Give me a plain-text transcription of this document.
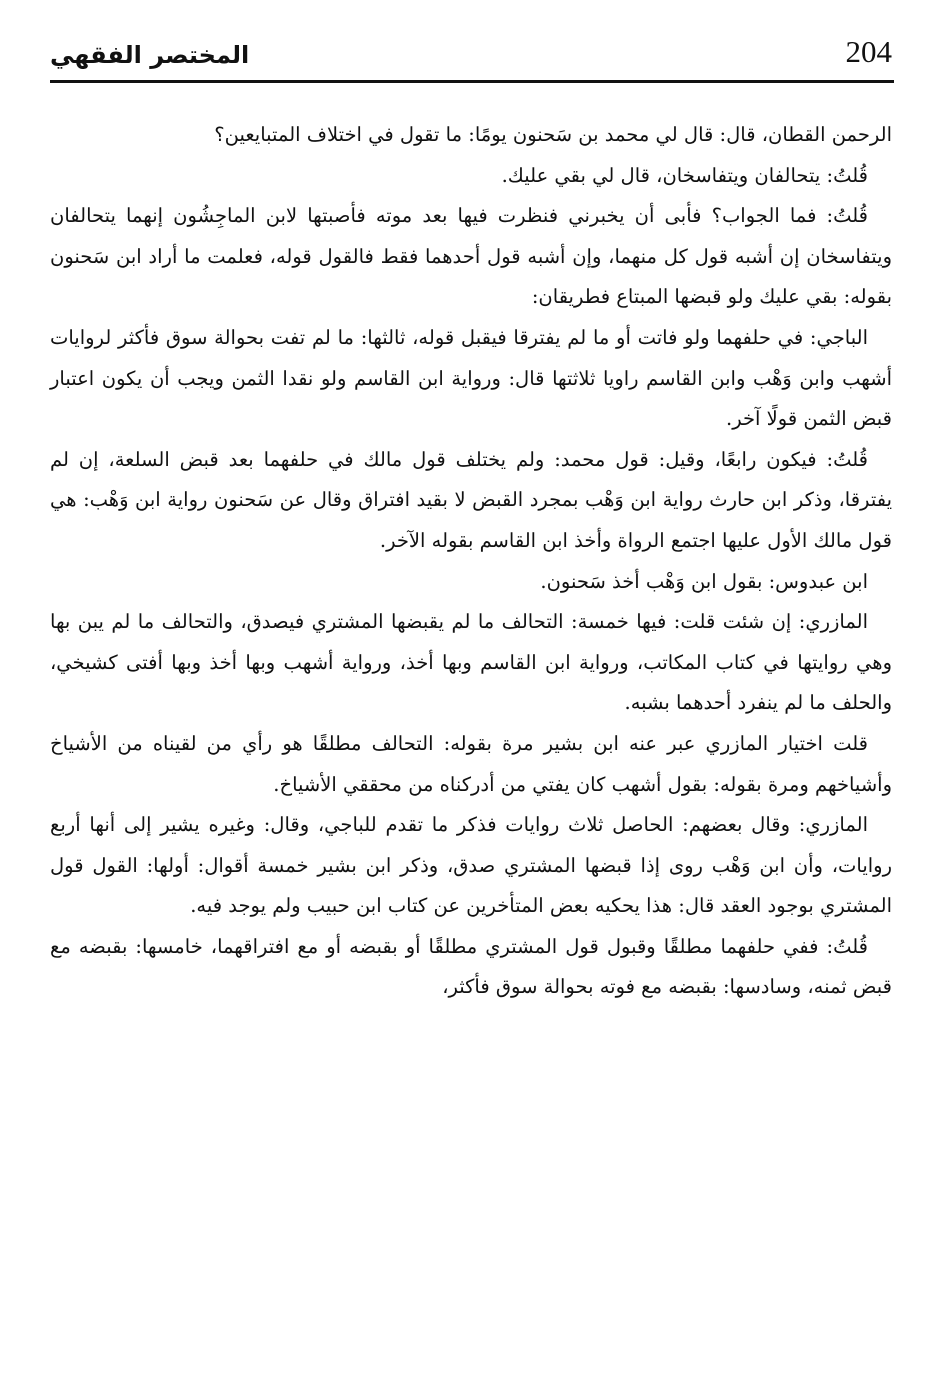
204
المختصر الفقهي

الرحمن القطان، قال: قال لي محمد بن سَحنون يومًا: ما تقول في اختلاف المتبايعين؟

قُلتُ: يتحالفان ويتفاسخان، قال لي بقي عليك.

قُلتُ: فما الجواب؟ فأبى أن يخبرني فنظرت فيها بعد موته فأصبتها لابن الماجِشُون إنهما يتحالفان ويتفاسخان إن أشبه قول كل منهما، وإن أشبه قول أحدهما فقط فالقول قوله، فعلمت ما أراد ابن سَحنون بقوله: بقي عليك ولو قبضها المبتاع فطريقان:

الباجي: في حلفهما ولو فاتت أو ما لم يفترقا فيقبل قوله، ثالثها: ما لم تفت بحوالة سوق فأكثر لروايات أشهب وابن وَهْب وابن القاسم راويا ثلاثتها قال: ورواية ابن القاسم ولو نقدا الثمن ويجب أن يكون اعتبار قبض الثمن قولًا آخر.

قُلتُ: فيكون رابعًا، وقيل: قول محمد: ولم يختلف قول مالك في حلفهما بعد قبض السلعة، إن لم يفترقا، وذكر ابن حارث رواية ابن وَهْب بمجرد القبض لا بقيد افتراق وقال عن سَحنون رواية ابن وَهْب: هي قول مالك الأول عليها اجتمع الرواة وأخذ ابن القاسم بقوله الآخر.

ابن عبدوس: بقول ابن وَهْب أخذ سَحنون.

المازري: إن شئت قلت: فيها خمسة: التحالف ما لم يقبضها المشتري فيصدق، والتحالف ما لم يبن بها وهي روايتها في كتاب المكاتب، ورواية ابن القاسم وبها أخذ، ورواية أشهب وبها أخذ وبها أفتى كشيخي، والحلف ما لم ينفرد أحدهما بشبه.

قلت اختيار المازري عبر عنه ابن بشير مرة بقوله: التحالف مطلقًا هو رأي من لقيناه من الأشياخ وأشياخهم ومرة بقوله: بقول أشهب كان يفتي من أدركناه من محققي الأشياخ.

المازري: وقال بعضهم: الحاصل ثلاث روايات فذكر ما تقدم للباجي، وقال: وغيره يشير إلى أنها أربع روايات، وأن ابن وَهْب روى إذا قبضها المشتري صدق، وذكر ابن بشير خمسة أقوال: أولها: القول قول المشتري بوجود العقد قال: هذا يحكيه بعض المتأخرين عن كتاب ابن حبيب ولم يوجد فيه.

قُلتُ: ففي حلفهما مطلقًا وقبول قول المشتري مطلقًا أو بقبضه أو مع افتراقهما، خامسها: بقبضه مع قبض ثمنه، وسادسها: بقبضه مع فوته بحوالة سوق فأكثر،
